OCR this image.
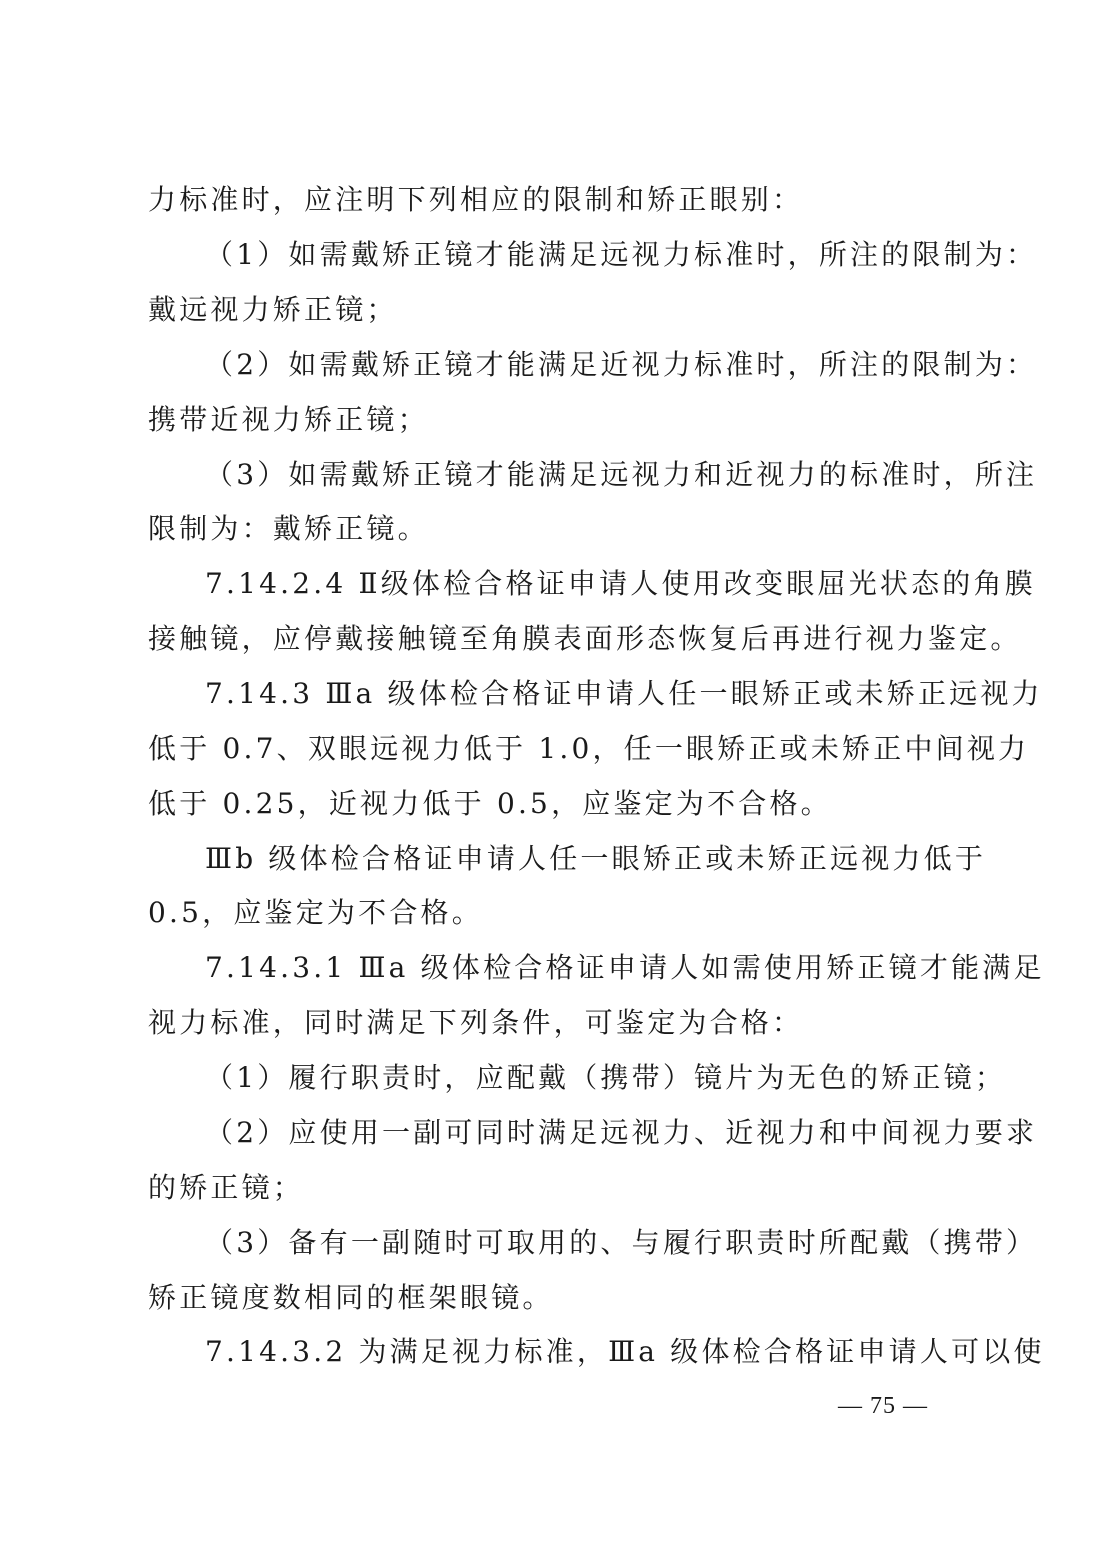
力标准时，应注明下列相应的限制和矫正眼别：
（1）如需戴矫正镜才能满足远视力标准时，所注的限制为：
戴远视力矫正镜；
（2）如需戴矫正镜才能满足近视力标准时，所注的限制为：
携带近视力矫正镜；
（3）如需戴矫正镜才能满足远视力和近视力的标准时，所注
限制为：戴矫正镜。
7.14.2.4 Ⅱ级体检合格证申请人使用改变眼屈光状态的角膜
接触镜，应停戴接触镜至角膜表面形态恢复后再进行视力鉴定。
7.14.3 Ⅲa 级体检合格证申请人任一眼矫正或未矫正远视力
低于 0.7、双眼远视力低于 1.0，任一眼矫正或未矫正中间视力
低于 0.25，近视力低于 0.5，应鉴定为不合格。
Ⅲb 级体检合格证申请人任一眼矫正或未矫正远视力低于
0.5，应鉴定为不合格。
7.14.3.1 Ⅲa 级体检合格证申请人如需使用矫正镜才能满足
视力标准，同时满足下列条件，可鉴定为合格：
（1）履行职责时，应配戴（携带）镜片为无色的矫正镜；
（2）应使用一副可同时满足远视力、近视力和中间视力要求
的矫正镜；
（3）备有一副随时可取用的、与履行职责时所配戴（携带）
矫正镜度数相同的框架眼镜。
7.14.3.2 为满足视力标准，Ⅲa 级体检合格证申请人可以使
— 75 —
